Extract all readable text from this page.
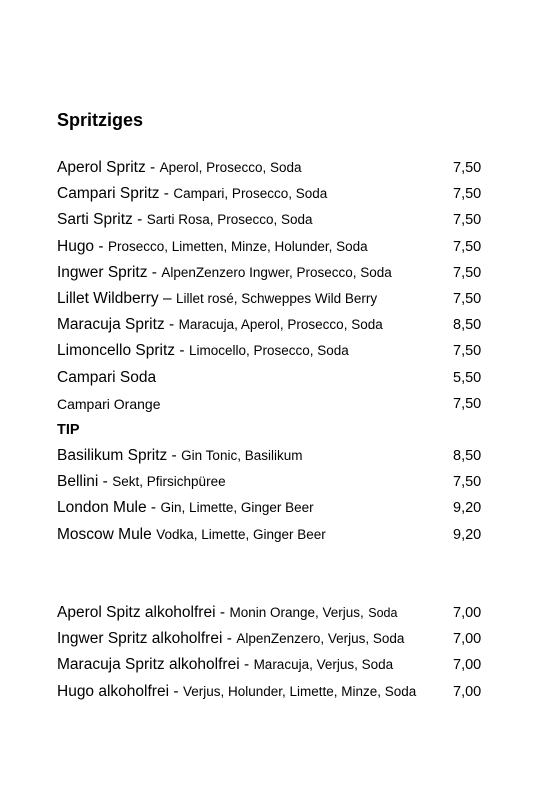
Spritziges
Aperol Spritz - Aperol, Prosecco, Soda	7,50
Campari Spritz - Campari, Prosecco, Soda	7,50
Sarti Spritz - Sarti Rosa, Prosecco, Soda	7,50
Hugo - Prosecco, Limetten, Minze, Holunder, Soda	7,50
Ingwer Spritz - AlpenZenzero Ingwer, Prosecco, Soda	7,50
Lillet Wildberry – Lillet rosé, Schweppes Wild Berry	7,50
Maracuja Spritz - Maracuja, Aperol, Prosecco, Soda	8,50
Limoncello Spritz - Limocello, Prosecco, Soda	7,50
Campari Soda	5,50
Campari Orange	7,50
TIP
Basilikum Spritz - Gin Tonic, Basilikum	8,50
Bellini - Sekt, Pfirsichpüree	7,50
London Mule - Gin, Limette, Ginger Beer	9,20
Moscow Mule Vodka, Limette, Ginger Beer	9,20
Aperol Spitz alkoholfrei - Monin Orange, Verjus, Soda	7,00
Ingwer Spritz alkoholfrei - AlpenZenzero, Verjus, Soda	7,00
Maracuja Spritz alkoholfrei - Maracuja, Verjus, Soda	7,00
Hugo alkoholfrei - Verjus, Holunder, Limette, Minze, Soda	7,00
